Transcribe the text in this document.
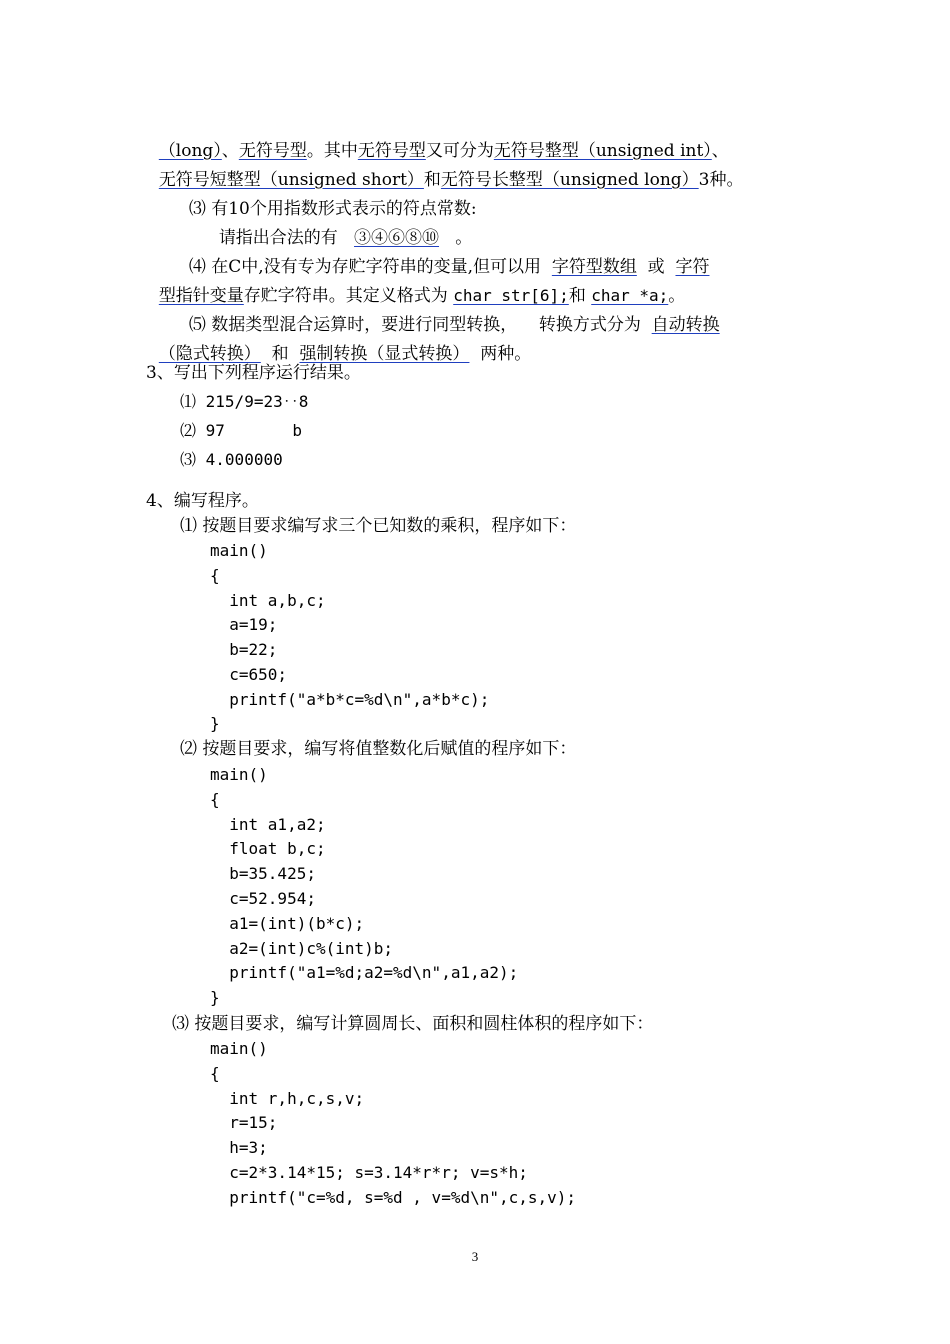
（long）、无符号型。其中无符号型又可分为无符号整型（unsigned int）、

无符号短整型（unsigned short）和无符号长整型（unsigned long）3种。

⑶ 有10个用指数形式表示的符点常数:

请指出合法的有 ③④⑥⑧⑩ 。

⑷ 在C中,没有专为存贮字符串的变量,但可以用 字符型数组 或 字符

型指针变量存贮字符串。其定义格式为 char str[6];和 char *a;。

⑸ 数据类型混合运算时，要进行同型转换， 转换方式分为 自动转换

（隐式转换） 和 强制转换（显式转换） 两种。

3、写出下列程序运行结果。
⑴ 215/9=23‥8
⑵ 97       b
⑶ 4.000000
4、编写程序。
⑴ 按题目要求编写求三个已知数的乘积，程序如下：
main()
{
int a,b,c;
a=19;
b=22;
c=650;
printf("a*b*c=%d\n",a*b*c);
}
⑵ 按题目要求，编写将值整数化后赋值的程序如下：
main()
{
int a1,a2;
float b,c;
b=35.425;
c=52.954;
a1=(int)(b*c);
a2=(int)c%(int)b;
printf("a1=%d;a2=%d\n",a1,a2);
}
⑶ 按题目要求，编写计算圆周长、面积和圆柱体积的程序如下：
main()
{
int r,h,c,s,v;
r=15;
h=3;
c=2*3.14*15; s=3.14*r*r; v=s*h;
printf("c=%d, s=%d , v=%d\n",c,s,v);
3
